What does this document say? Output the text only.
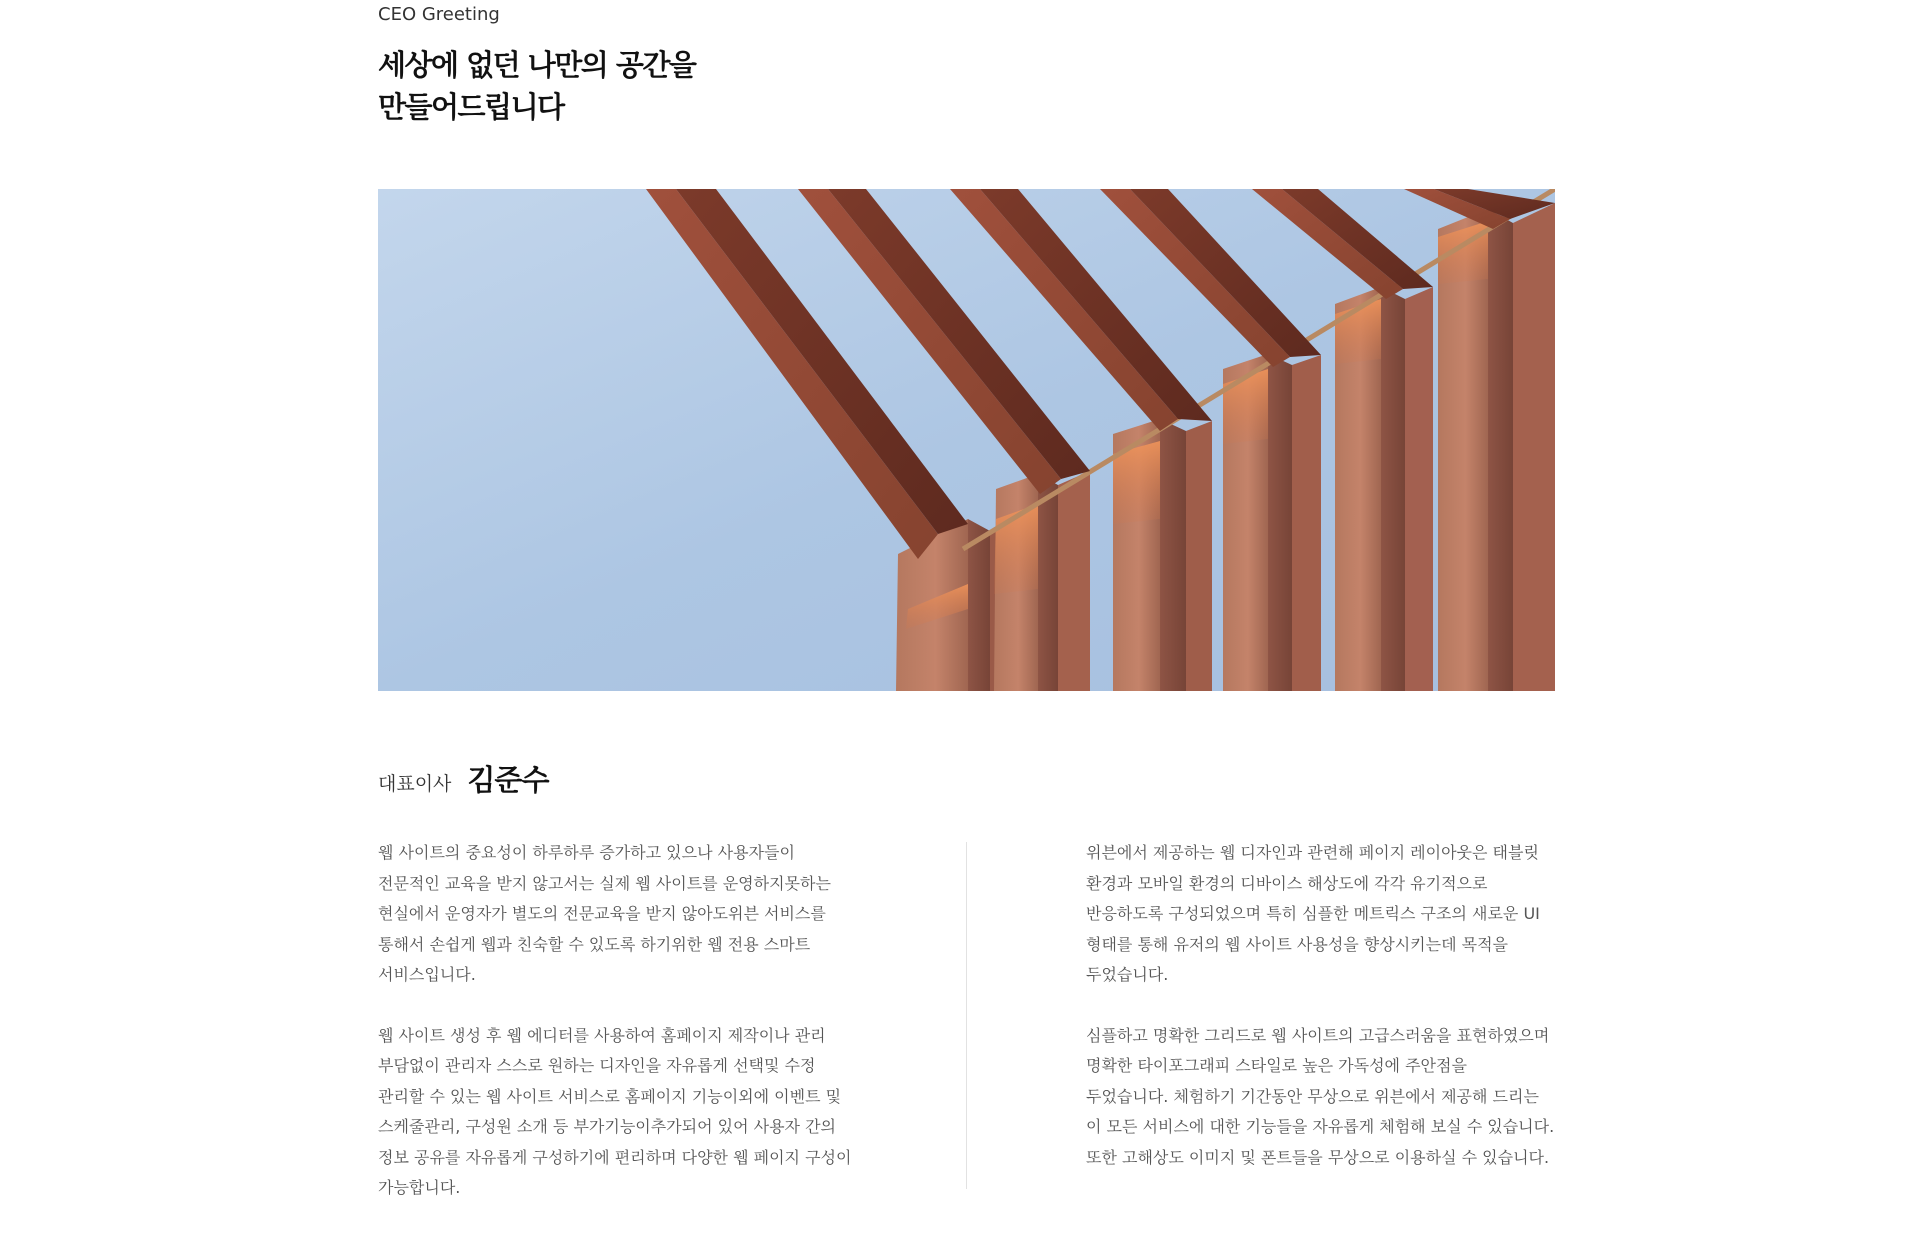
CEO Greeting
세상에 없던 나만의 공간을
만들어드립니다
대표이사 김준수

웹 사이트의 중요성이 하루하루 증가하고 있으나 사용자들이
전문적인 교육을 받지 않고서는 실제 웹 사이트를 운영하지못하는
현실에서 운영자가 별도의 전문교육을 받지 않아도위븐 서비스를
통해서 손쉽게 웹과 친숙할 수 있도록 하기위한 웹 전용 스마트
서비스입니다.

웹 사이트 생성 후 웹 에디터를 사용하여 홈페이지 제작이나 관리
부담없이 관리자 스스로 원하는 디자인을 자유롭게 선택및 수정
관리할 수 있는 웹 사이트 서비스로 홈페이지 기능이외에 이벤트 및
스케줄관리, 구성원 소개 등 부가기능이추가되어 있어 사용자 간의
정보 공유를 자유롭게 구성하기에 편리하며 다양한 웹 페이지 구성이
가능합니다.

위븐에서 제공하는 웹 디자인과 관련해 페이지 레이아웃은 태블릿
환경과 모바일 환경의 디바이스 해상도에 각각 유기적으로
반응하도록 구성되었으며 특히 심플한 메트릭스 구조의 새로운 UI
형태를 통해 유저의 웹 사이트 사용성을 향상시키는데 목적을
두었습니다.

심플하고 명확한 그리드로 웹 사이트의 고급스러움을 표현하였으며
명확한 타이포그래피 스타일로 높은 가독성에 주안점을
두었습니다. 체험하기 기간동안 무상으로 위븐에서 제공해 드리는
이 모든 서비스에 대한 기능들을 자유롭게 체험해 보실 수 있습니다.
또한 고해상도 이미지 및 폰트들을 무상으로 이용하실 수 있습니다.
